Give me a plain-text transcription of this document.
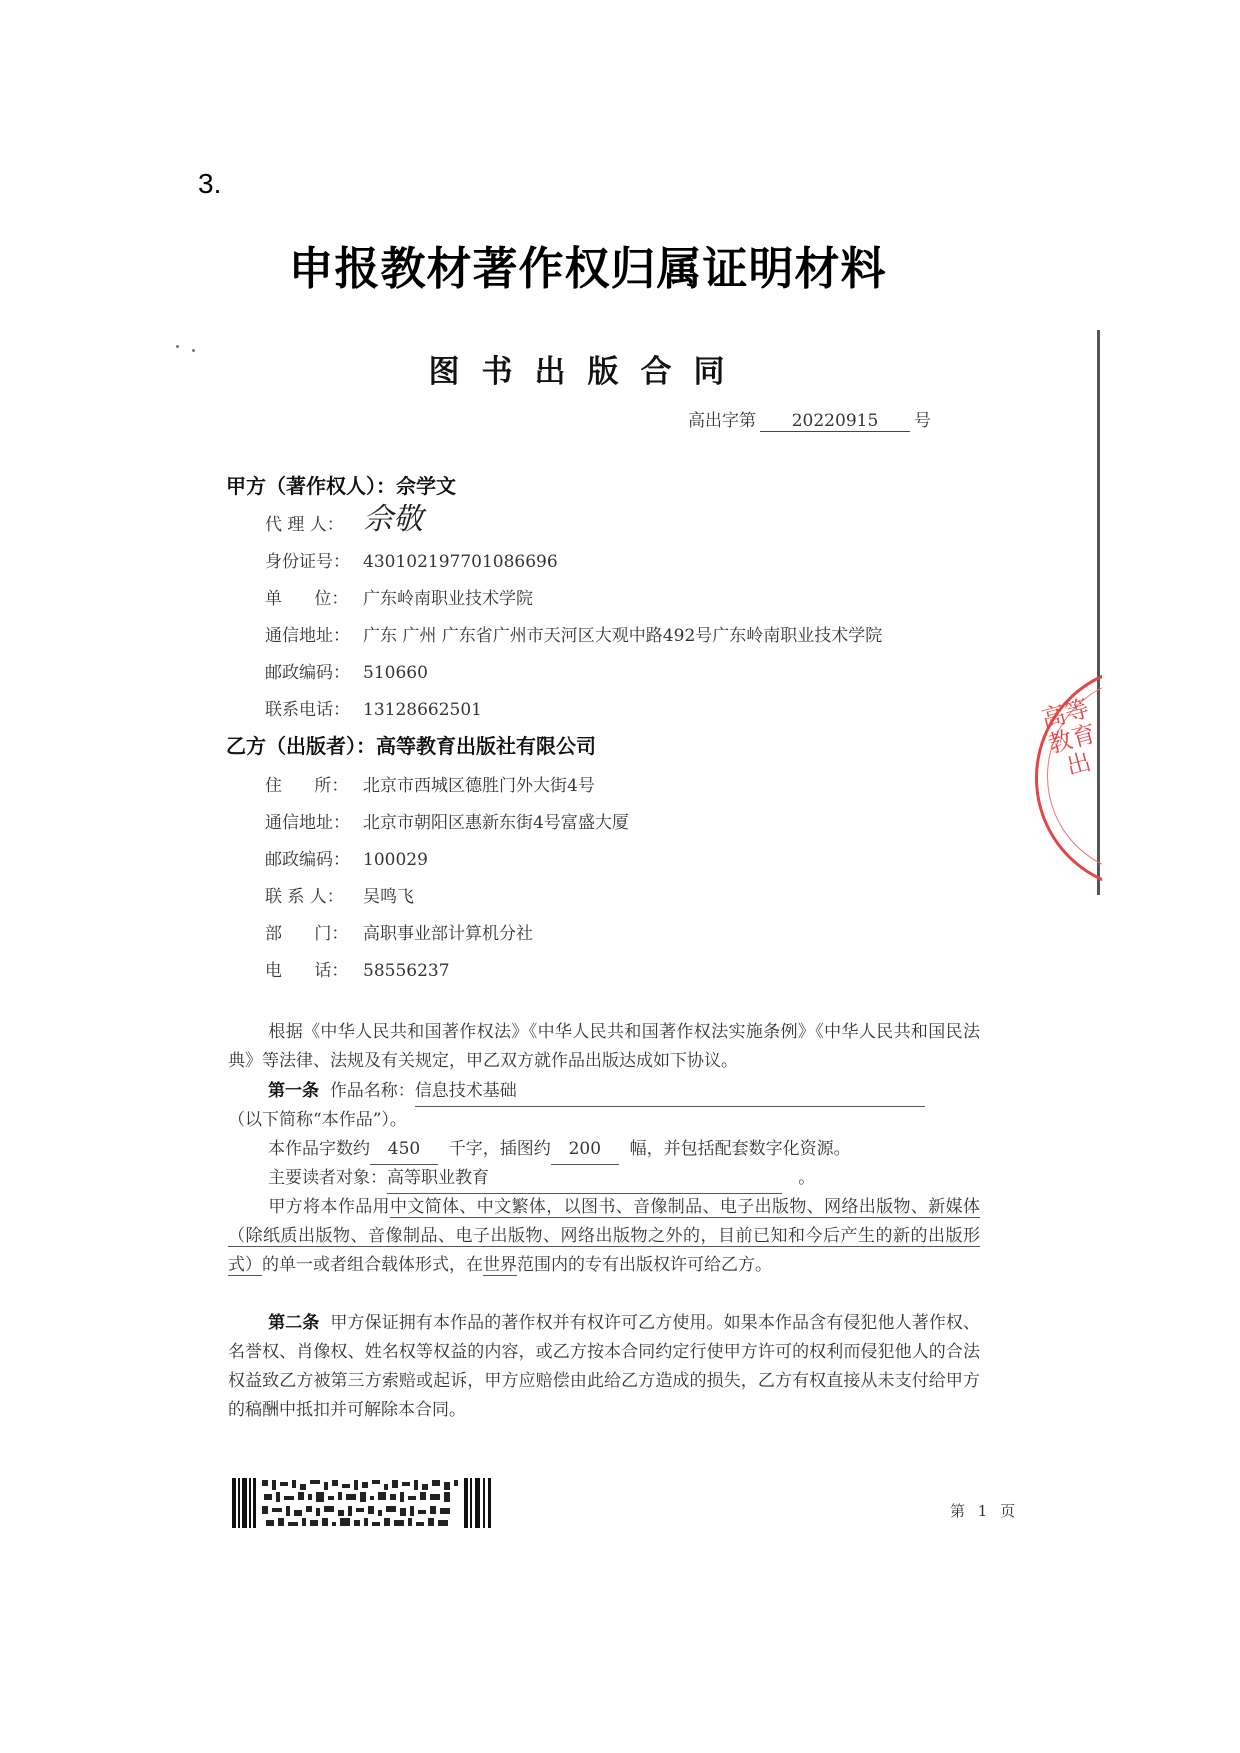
3.
申报教材著作权归属证明材料
图书出版合同
高出字第 20220915 号
甲方（著作权人）：佘学文
代 理 人： 佘敬
身份证号： 430102197701086696
单      位： 广东岭南职业技术学院
通信地址： 广东 广州 广东省广州市天河区大观中路492号广东岭南职业技术学院
邮政编码： 510660
联系电话： 13128662501
乙方（出版者）：高等教育出版社有限公司
住      所： 北京市西城区德胜门外大街4号
通信地址： 北京市朝阳区惠新东街4号富盛大厦
邮政编码： 100029
联 系 人： 吴鸣飞
部      门： 高职事业部计算机分社
电      话： 58556237
根据《中华人民共和国著作权法》《中华人民共和国著作权法实施条例》《中华人民共和国民法典》等法律、法规及有关规定，甲乙双方就作品出版达成如下协议。
第一条 作品名称：信息技术基础
（以下简称“本作品”）。
本作品字数约 450 千字，插图约 200 幅，并包括配套数字化资源。
主要读者对象：高等职业教育	。
甲方将本作品用中文简体、中文繁体，以图书、音像制品、电子出版物、网络出版物、新媒体（除纸质出版物、音像制品、电子出版物、网络出版物之外的，目前已知和今后产生的新的出版形式）的单一或者组合载体形式，在世界范围内的专有出版权许可给乙方。
第二条 甲方保证拥有本作品的著作权并有权许可乙方使用。如果本作品含有侵犯他人著作权、名誉权、肖像权、姓名权等权益的内容，或乙方按本合同约定行使甲方许可的权利而侵犯他人的合法权益致乙方被第三方索赔或起诉，甲方应赔偿由此给乙方造成的损失，乙方有权直接从未支付给甲方的稿酬中抵扣并可解除本合同。
高等教育出
第 1 页
